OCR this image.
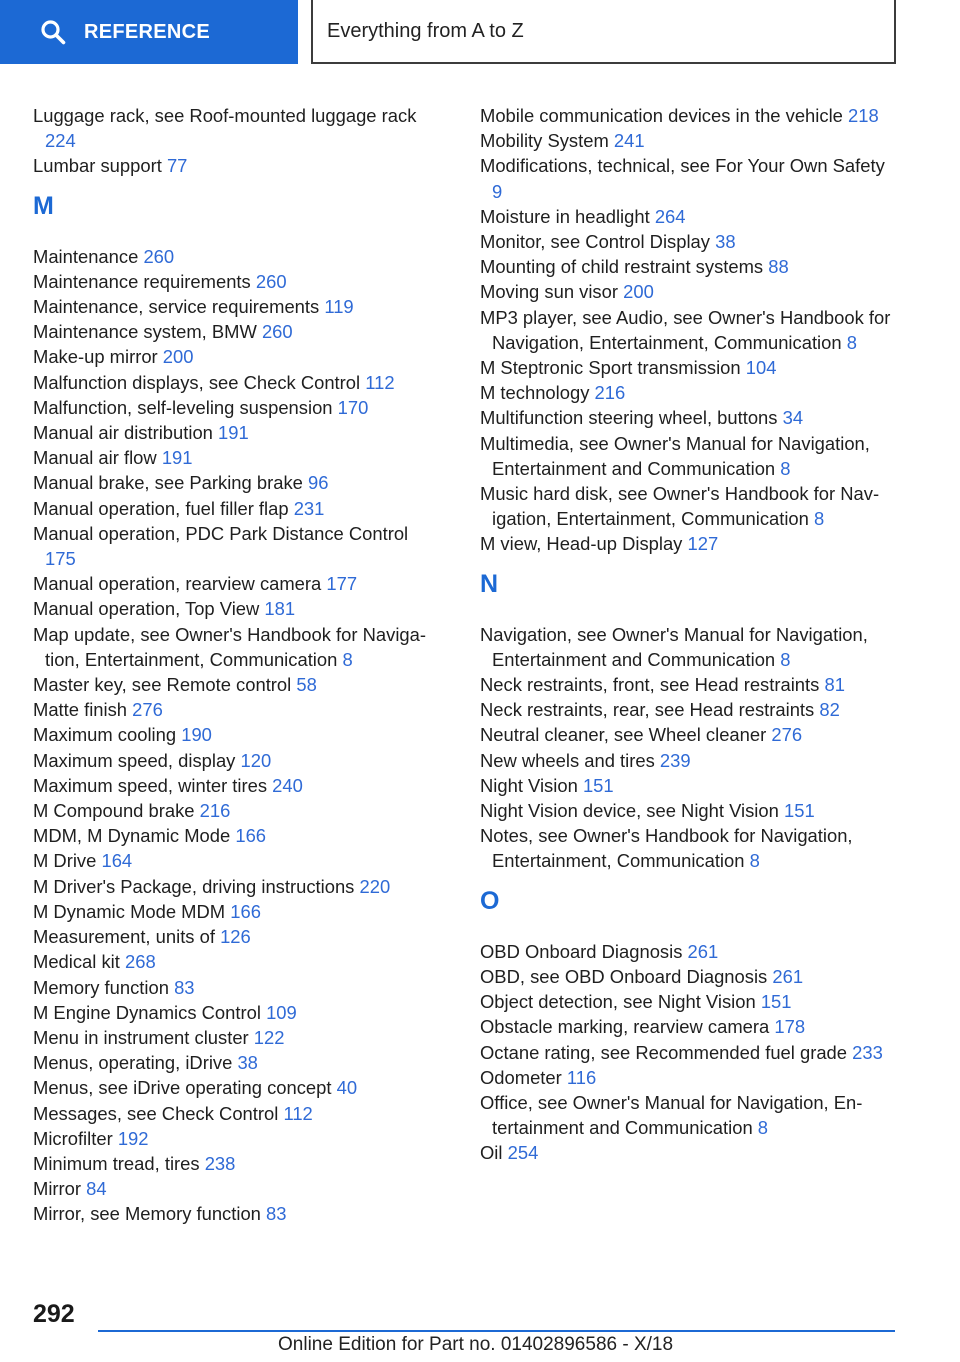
REFERENCE	Everything from A to Z
Luggage rack, see Roof-mounted luggage rack 224
Lumbar support 77
M
Maintenance 260
Maintenance requirements 260
Maintenance, service requirements 119
Maintenance system, BMW 260
Make-up mirror 200
Malfunction displays, see Check Control 112
Malfunction, self-leveling suspension 170
Manual air distribution 191
Manual air flow 191
Manual brake, see Parking brake 96
Manual operation, fuel filler flap 231
Manual operation, PDC Park Distance Control 175
Manual operation, rearview camera 177
Manual operation, Top View 181
Map update, see Owner's Handbook for Navigation, Entertainment, Communication 8
Master key, see Remote control 58
Matte finish 276
Maximum cooling 190
Maximum speed, display 120
Maximum speed, winter tires 240
M Compound brake 216
MDM, M Dynamic Mode 166
M Drive 164
M Driver's Package, driving instructions 220
M Dynamic Mode MDM 166
Measurement, units of 126
Medical kit 268
Memory function 83
M Engine Dynamics Control 109
Menu in instrument cluster 122
Menus, operating, iDrive 38
Menus, see iDrive operating concept 40
Messages, see Check Control 112
Microfilter 192
Minimum tread, tires 238
Mirror 84
Mirror, see Memory function 83
Mobile communication devices in the vehicle 218
Mobility System 241
Modifications, technical, see For Your Own Safety 9
Moisture in headlight 264
Monitor, see Control Display 38
Mounting of child restraint systems 88
Moving sun visor 200
MP3 player, see Audio, see Owner's Handbook for Navigation, Entertainment, Communication 8
M Steptronic Sport transmission 104
M technology 216
Multifunction steering wheel, buttons 34
Multimedia, see Owner's Manual for Navigation, Entertainment and Communication 8
Music hard disk, see Owner's Handbook for Navigation, Entertainment, Communication 8
M view, Head-up Display 127
N
Navigation, see Owner's Manual for Navigation, Entertainment and Communication 8
Neck restraints, front, see Head restraints 81
Neck restraints, rear, see Head restraints 82
Neutral cleaner, see Wheel cleaner 276
New wheels and tires 239
Night Vision 151
Night Vision device, see Night Vision 151
Notes, see Owner's Handbook for Navigation, Entertainment, Communication 8
O
OBD Onboard Diagnosis 261
OBD, see OBD Onboard Diagnosis 261
Object detection, see Night Vision 151
Obstacle marking, rearview camera 178
Octane rating, see Recommended fuel grade 233
Odometer 116
Office, see Owner's Manual for Navigation, Entertainment and Communication 8
Oil 254
292
Online Edition for Part no. 01402896586 - X/18
